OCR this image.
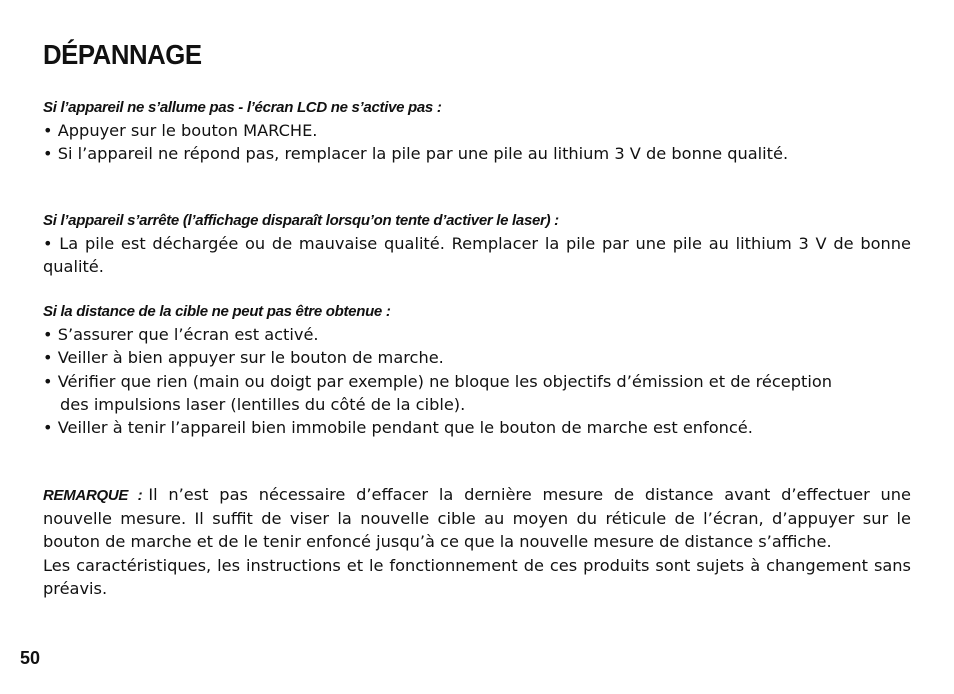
DÉPANNAGE

Si l’appareil ne s’allume pas - l’écran LCD ne s’active pas :

• Appuyer sur le bouton MARCHE.

• Si l’appareil ne répond pas, remplacer la pile par une pile au lithium 3 V de bonne qualité.

Si l’appareil s’arrête (l’affichage disparaît lorsqu’on tente d’activer le laser) :

• La pile est déchargée ou de mauvaise qualité. Remplacer la pile par une pile au lithium 3 V de bonne qualité.

Si la distance de la cible ne peut pas être obtenue :

• S’assurer que l’écran est activé.

• Veiller à bien appuyer sur le bouton de marche.

• Vérifier que rien (main ou doigt par exemple) ne bloque les objectifs d’émission et de réception

des impulsions laser (lentilles du côté de la cible).

• Veiller à tenir l’appareil bien immobile pendant que le bouton de marche est enfoncé.

REMARQUE : Il n’est pas nécessaire d’effacer la dernière mesure de distance avant d’effectuer une nouvelle mesure. Il suffit de viser la nouvelle cible au moyen du réticule de l’écran, d’appuyer sur le bouton de marche et de le tenir enfoncé jusqu’à ce que la nouvelle mesure de distance s’affiche.

Les caractéristiques, les instructions et le fonctionnement de ces produits sont sujets à changement sans préavis.

50
